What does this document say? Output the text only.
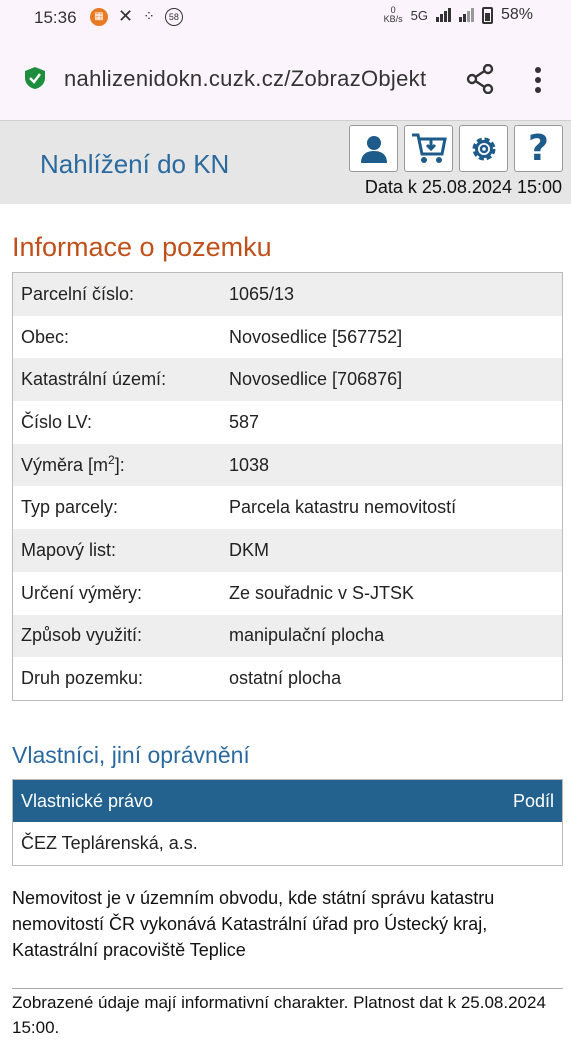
15:36	▦ ✕ ⁘	58
0
KB/s 5G	58%
nahlizenidokn.cuzk.cz/ZobrazObjekt
Nahlížení do KN	?
Data k 25.08.2024 15:00
Informace o pozemku
Parcelní číslo:	1065/13
Obec:	Novosedlice [567752]
Katastrální území:	Novosedlice [706876]
Číslo LV:	587
Výměra $[m^2]$:	1038
Typ parcely:	Parcela katastru nemovitostí
Mapový list:	DKM
Určení výměry:	Ze souřadnic v S-JTSK
Způsob využití:	manipulační plocha
Druh pozemku:	ostatní plocha
Vlastníci, jiní oprávnění
Vlastnické právo	Podíl
ČEZ Teplárenská, a.s.
Nemovitost je v územním obvodu, kde státní správu katastru nemovitostí ČR vykonává Katastrální úřad pro Ústecký kraj, Katastrální pracoviště Teplice
Zobrazené údaje mají informativní charakter. Platnost dat k 25.08.2024 15:00.
